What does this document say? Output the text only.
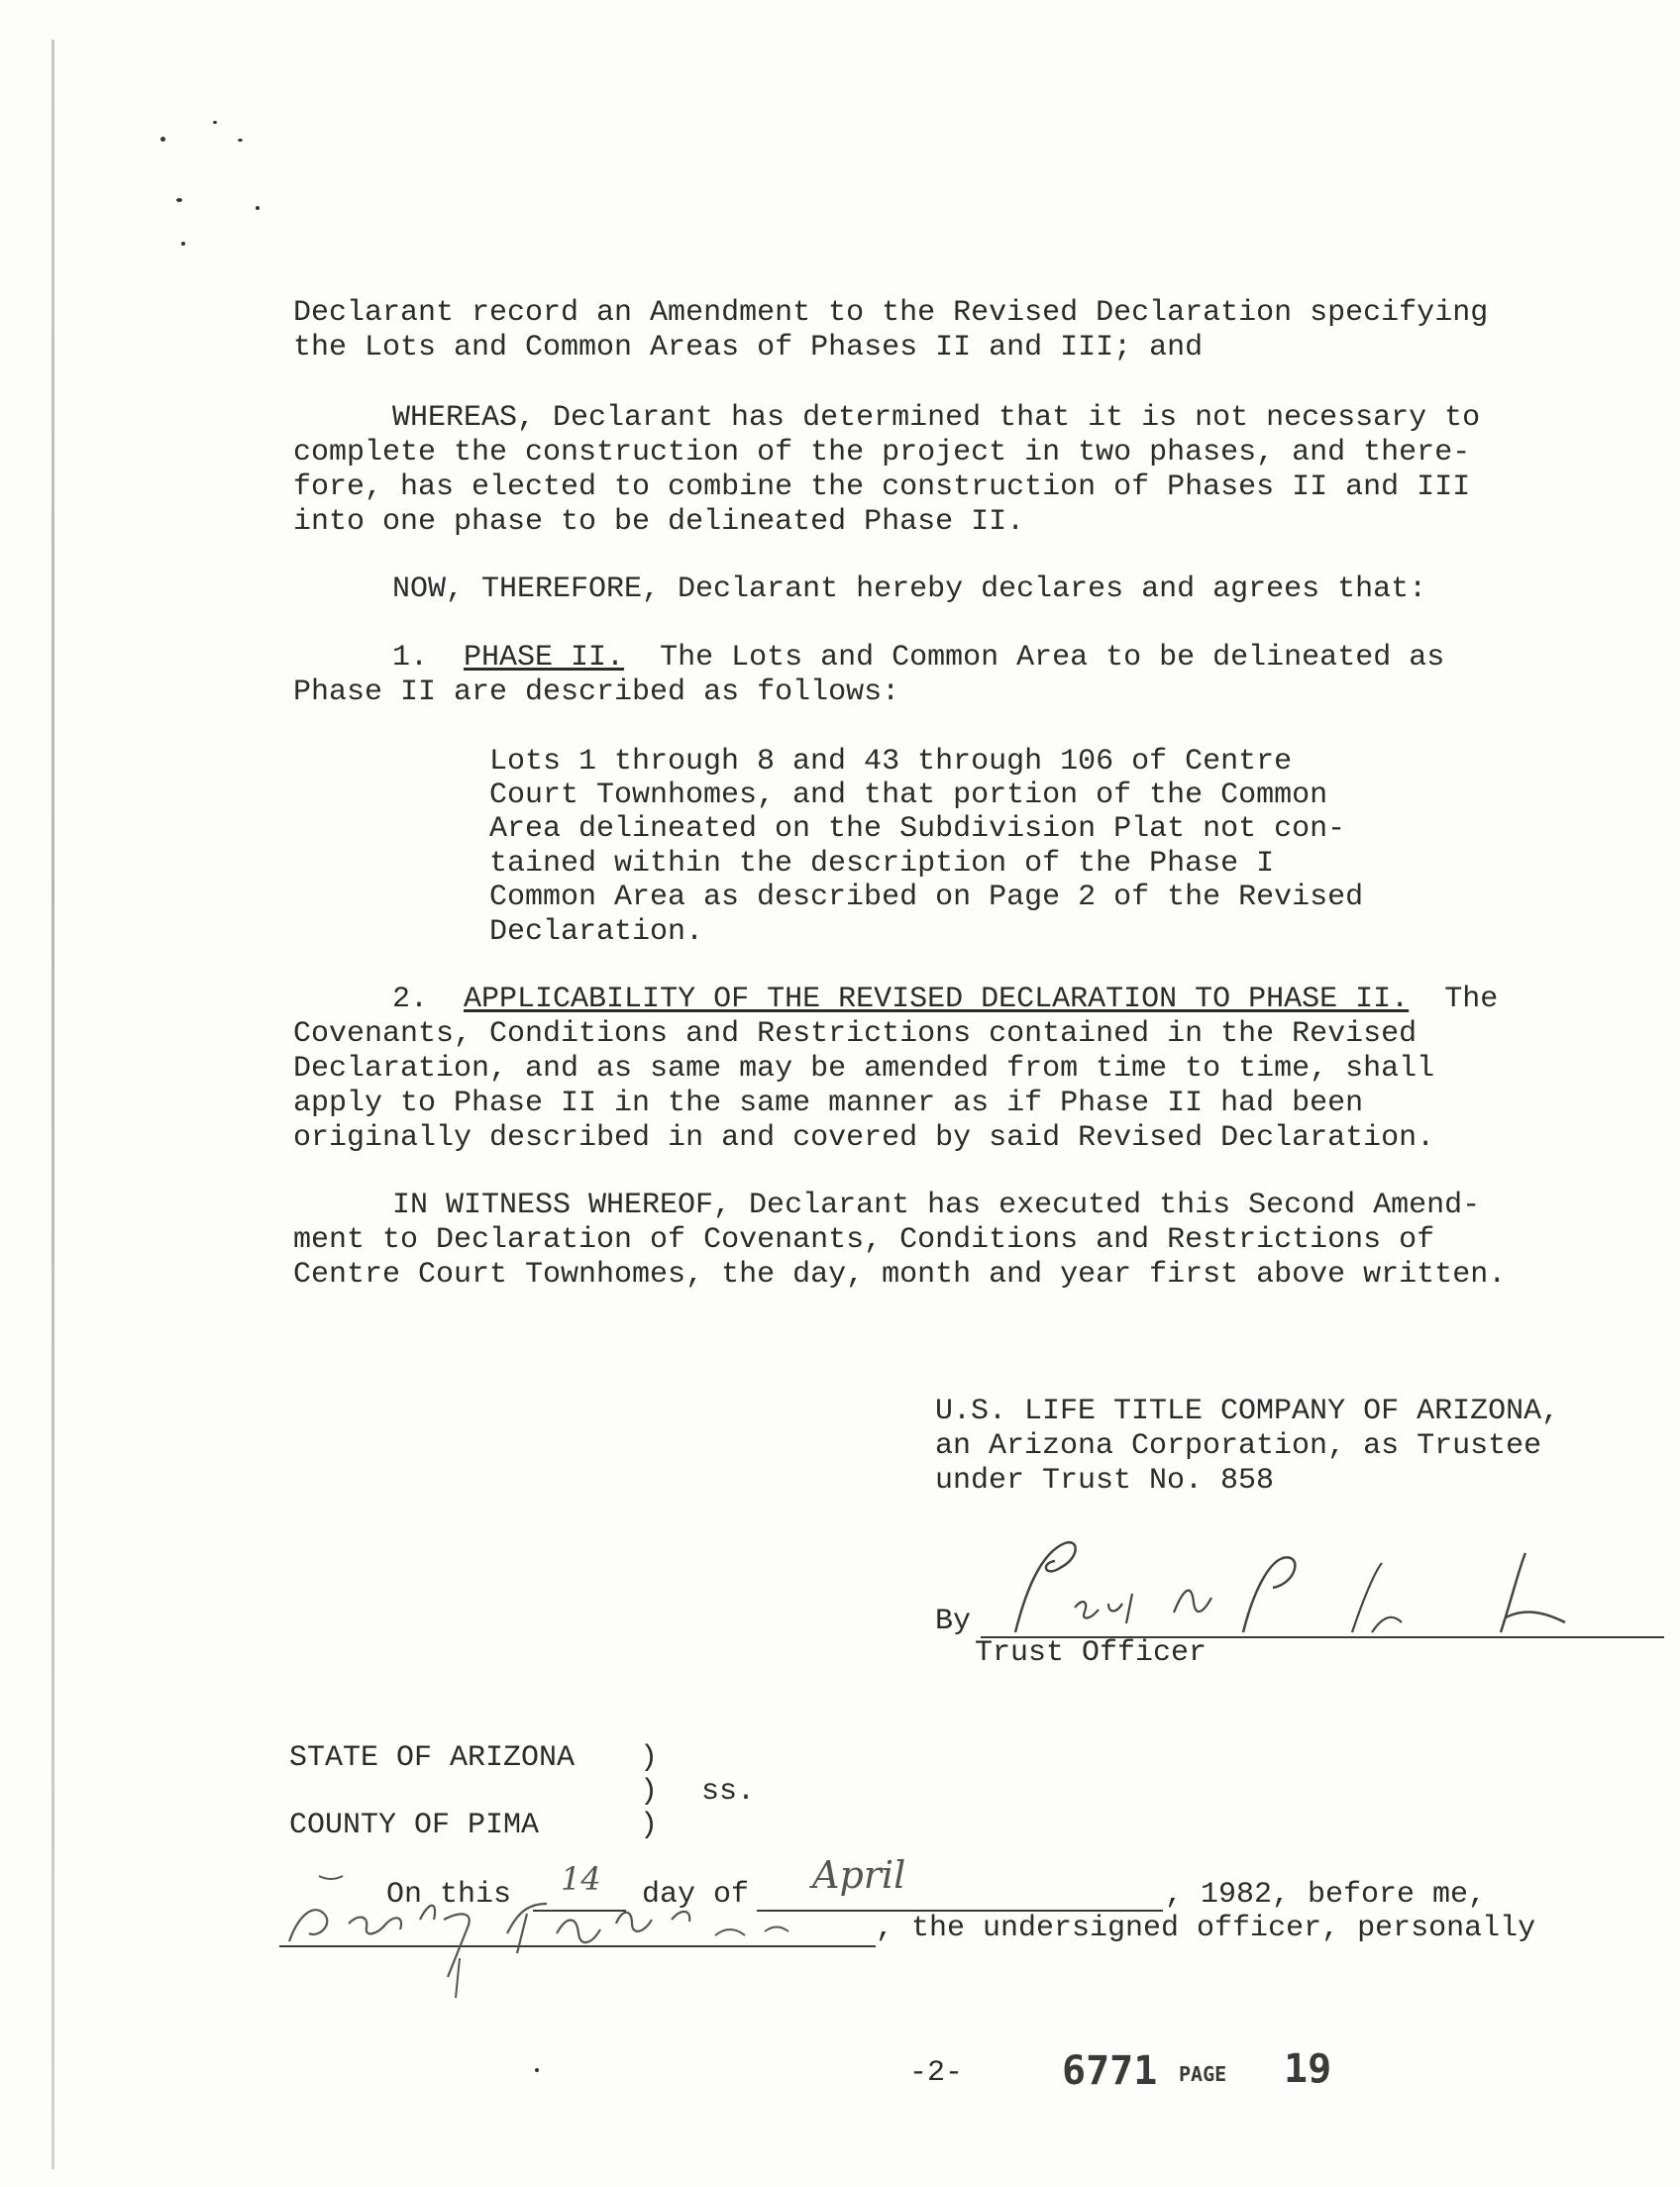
Declarant record an Amendment to the Revised Declaration specifying
the Lots and Common Areas of Phases II and III; and
WHEREAS, Declarant has determined that it is not necessary to
complete the construction of the project in two phases, and there-
fore, has elected to combine the construction of Phases II and III
into one phase to be delineated Phase II.
NOW, THEREFORE, Declarant hereby declares and agrees that:
1. PHASE II. The Lots and Common Area to be delineated as
Phase II are described as follows:
Lots 1 through 8 and 43 through 106 of Centre
Court Townhomes, and that portion of the Common
Area delineated on the Subdivision Plat not con-
tained within the description of the Phase I
Common Area as described on Page 2 of the Revised
Declaration.
2. APPLICABILITY OF THE REVISED DECLARATION TO PHASE II. The
Covenants, Conditions and Restrictions contained in the Revised
Declaration, and as same may be amended from time to time, shall
apply to Phase II in the same manner as if Phase II had been
originally described in and covered by said Revised Declaration.
IN WITNESS WHEREOF, Declarant has executed this Second Amend-
ment to Declaration of Covenants, Conditions and Restrictions of
Centre Court Townhomes, the day, month and year first above written.
U.S. LIFE TITLE COMPANY OF ARIZONA,
an Arizona Corporation, as Trustee
under Trust No. 858
By
Trust Officer
STATE OF ARIZONA )
) ss.
COUNTY OF PIMA	)
On this 14 day of April	, 1982, before me,
, the undersigned officer, personally
-2- 6771 PAGE 19
